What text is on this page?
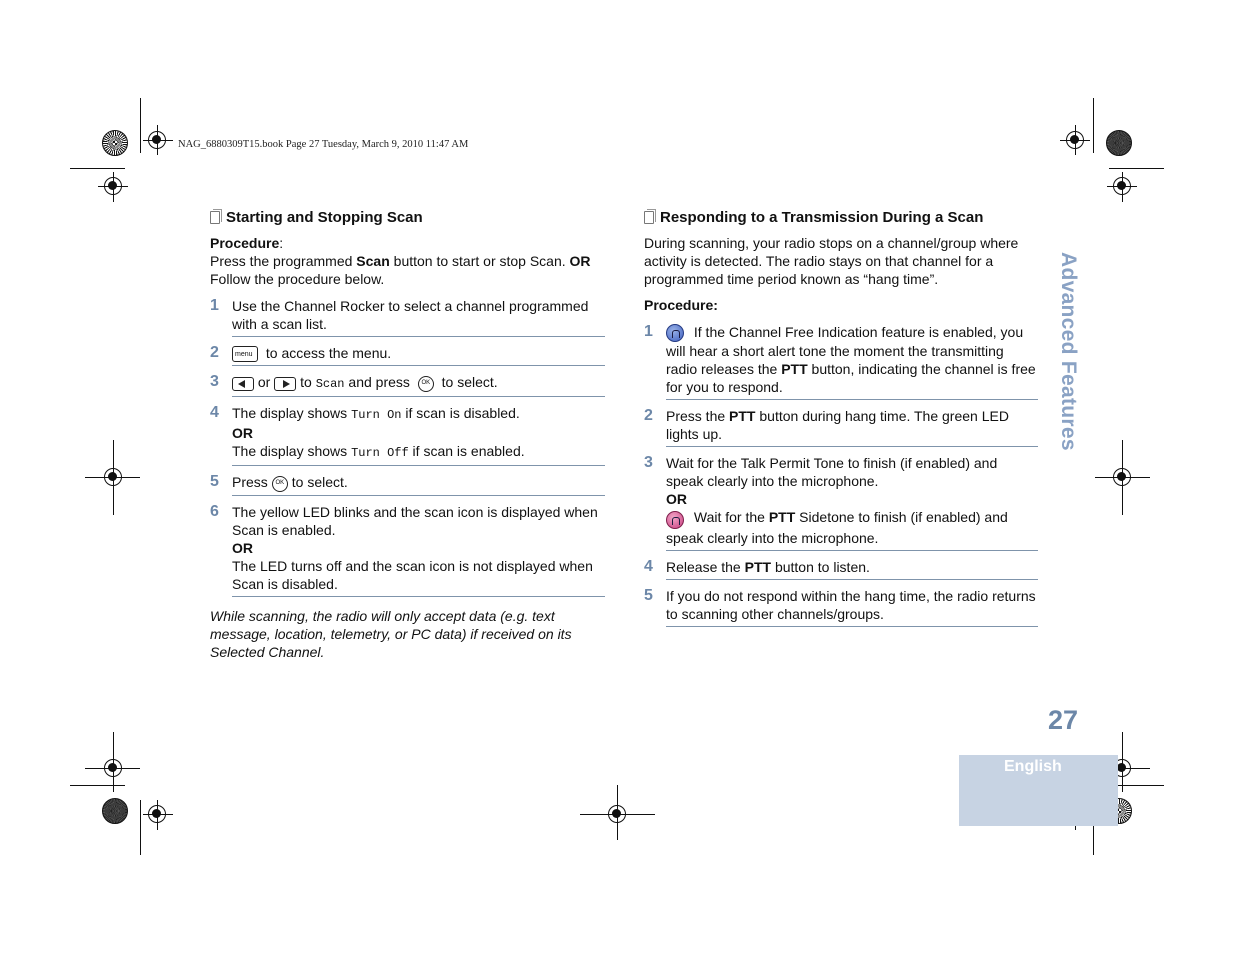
NAG_6880309T15.book Page 27 Tuesday, March 9, 2010 11:47 AM
Starting and Stopping Scan

Procedure:

Press the programmed Scan button to start or stop Scan. OR

Follow the procedure below.

1 Use the Channel Rocker to select a channel programmed with a scan list.
2	menu to access the menu.
3	or to Scan and press OK to select.
4 The display shows Turn On if scan is disabled.
OR
The display shows Turn Off if scan is enabled.
5 Press OK to select.
6 The yellow LED blinks and the scan icon is displayed when Scan is enabled.
OR
The LED turns off and the scan icon is not displayed when Scan is disabled.

While scanning, the radio will only accept data (e.g. text message, location, telemetry, or PC data) if received on its Selected Channel.

Responding to a Transmission During a Scan

During scanning, your radio stops on a channel/group where activity is detected. The radio stays on that channel for a programmed time period known as “hang time”.

Procedure:

1	If the Channel Free Indication feature is enabled, you will hear a short alert tone the moment the transmitting radio releases the PTT button, indicating the channel is free for you to respond.
2 Press the PTT button during hang time. The green LED lights up.
3 Wait for the Talk Permit Tone to finish (if enabled) and speak clearly into the microphone.
OR
Wait for the PTT Sidetone to finish (if enabled) and speak clearly into the microphone.
4 Release the PTT button to listen.
5 If you do not respond within the hang time, the radio returns to scanning other channels/groups.
Advanced Features
27
English
